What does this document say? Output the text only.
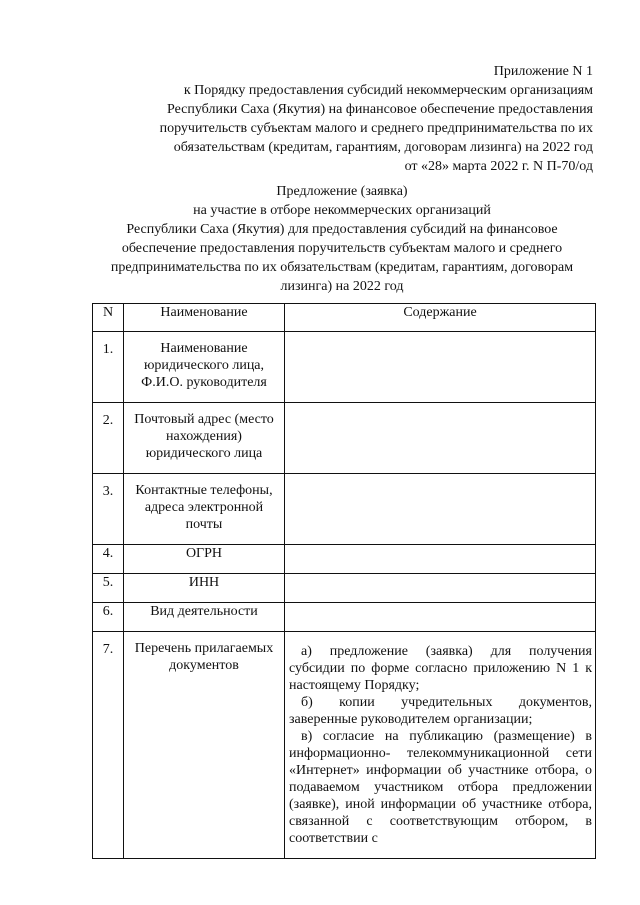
Приложение N 1
к Порядку предоставления субсидий некоммерческим организациям
Республики Саха (Якутия) на финансовое обеспечение предоставления
поручительств субъектам малого и среднего предпринимательства по их
обязательствам (кредитам, гарантиям, договорам лизинга) на 2022 год
от «28» марта 2022 г. N П-70/од
Предложение (заявка)
на участие в отборе некоммерческих организаций
Республики Саха (Якутия) для предоставления субсидий на финансовое
обеспечение предоставления поручительств субъектам малого и среднего
предпринимательства по их обязательствам (кредитам, гарантиям, договорам
лизинга) на 2022 год
N	Наименование	Содержание
1.	Наименование юридического лица, Ф.И.О. руководителя	
2.	Почтовый адрес (место нахождения) юридического лица	
3.	Контактные телефоны, адреса электронной почты	
4.	ОГРН	
5.	ИНН	
6.	Вид деятельности	
7.	Перечень прилагаемых документов	а) предложение (заявка) для получения субсидии по форме согласно приложению N 1 к настоящему Порядку;

б) копии учредительных документов, заверенные руководителем организации;

в) согласие на публикацию (размещение) в информационно- телекоммуникационной сети «Интернет» информации об участнике отбора, о подаваемом участником отбора предложении (заявке), иной информации об участнике отбора, связанной с соответствующим отбором, в соответствии с
